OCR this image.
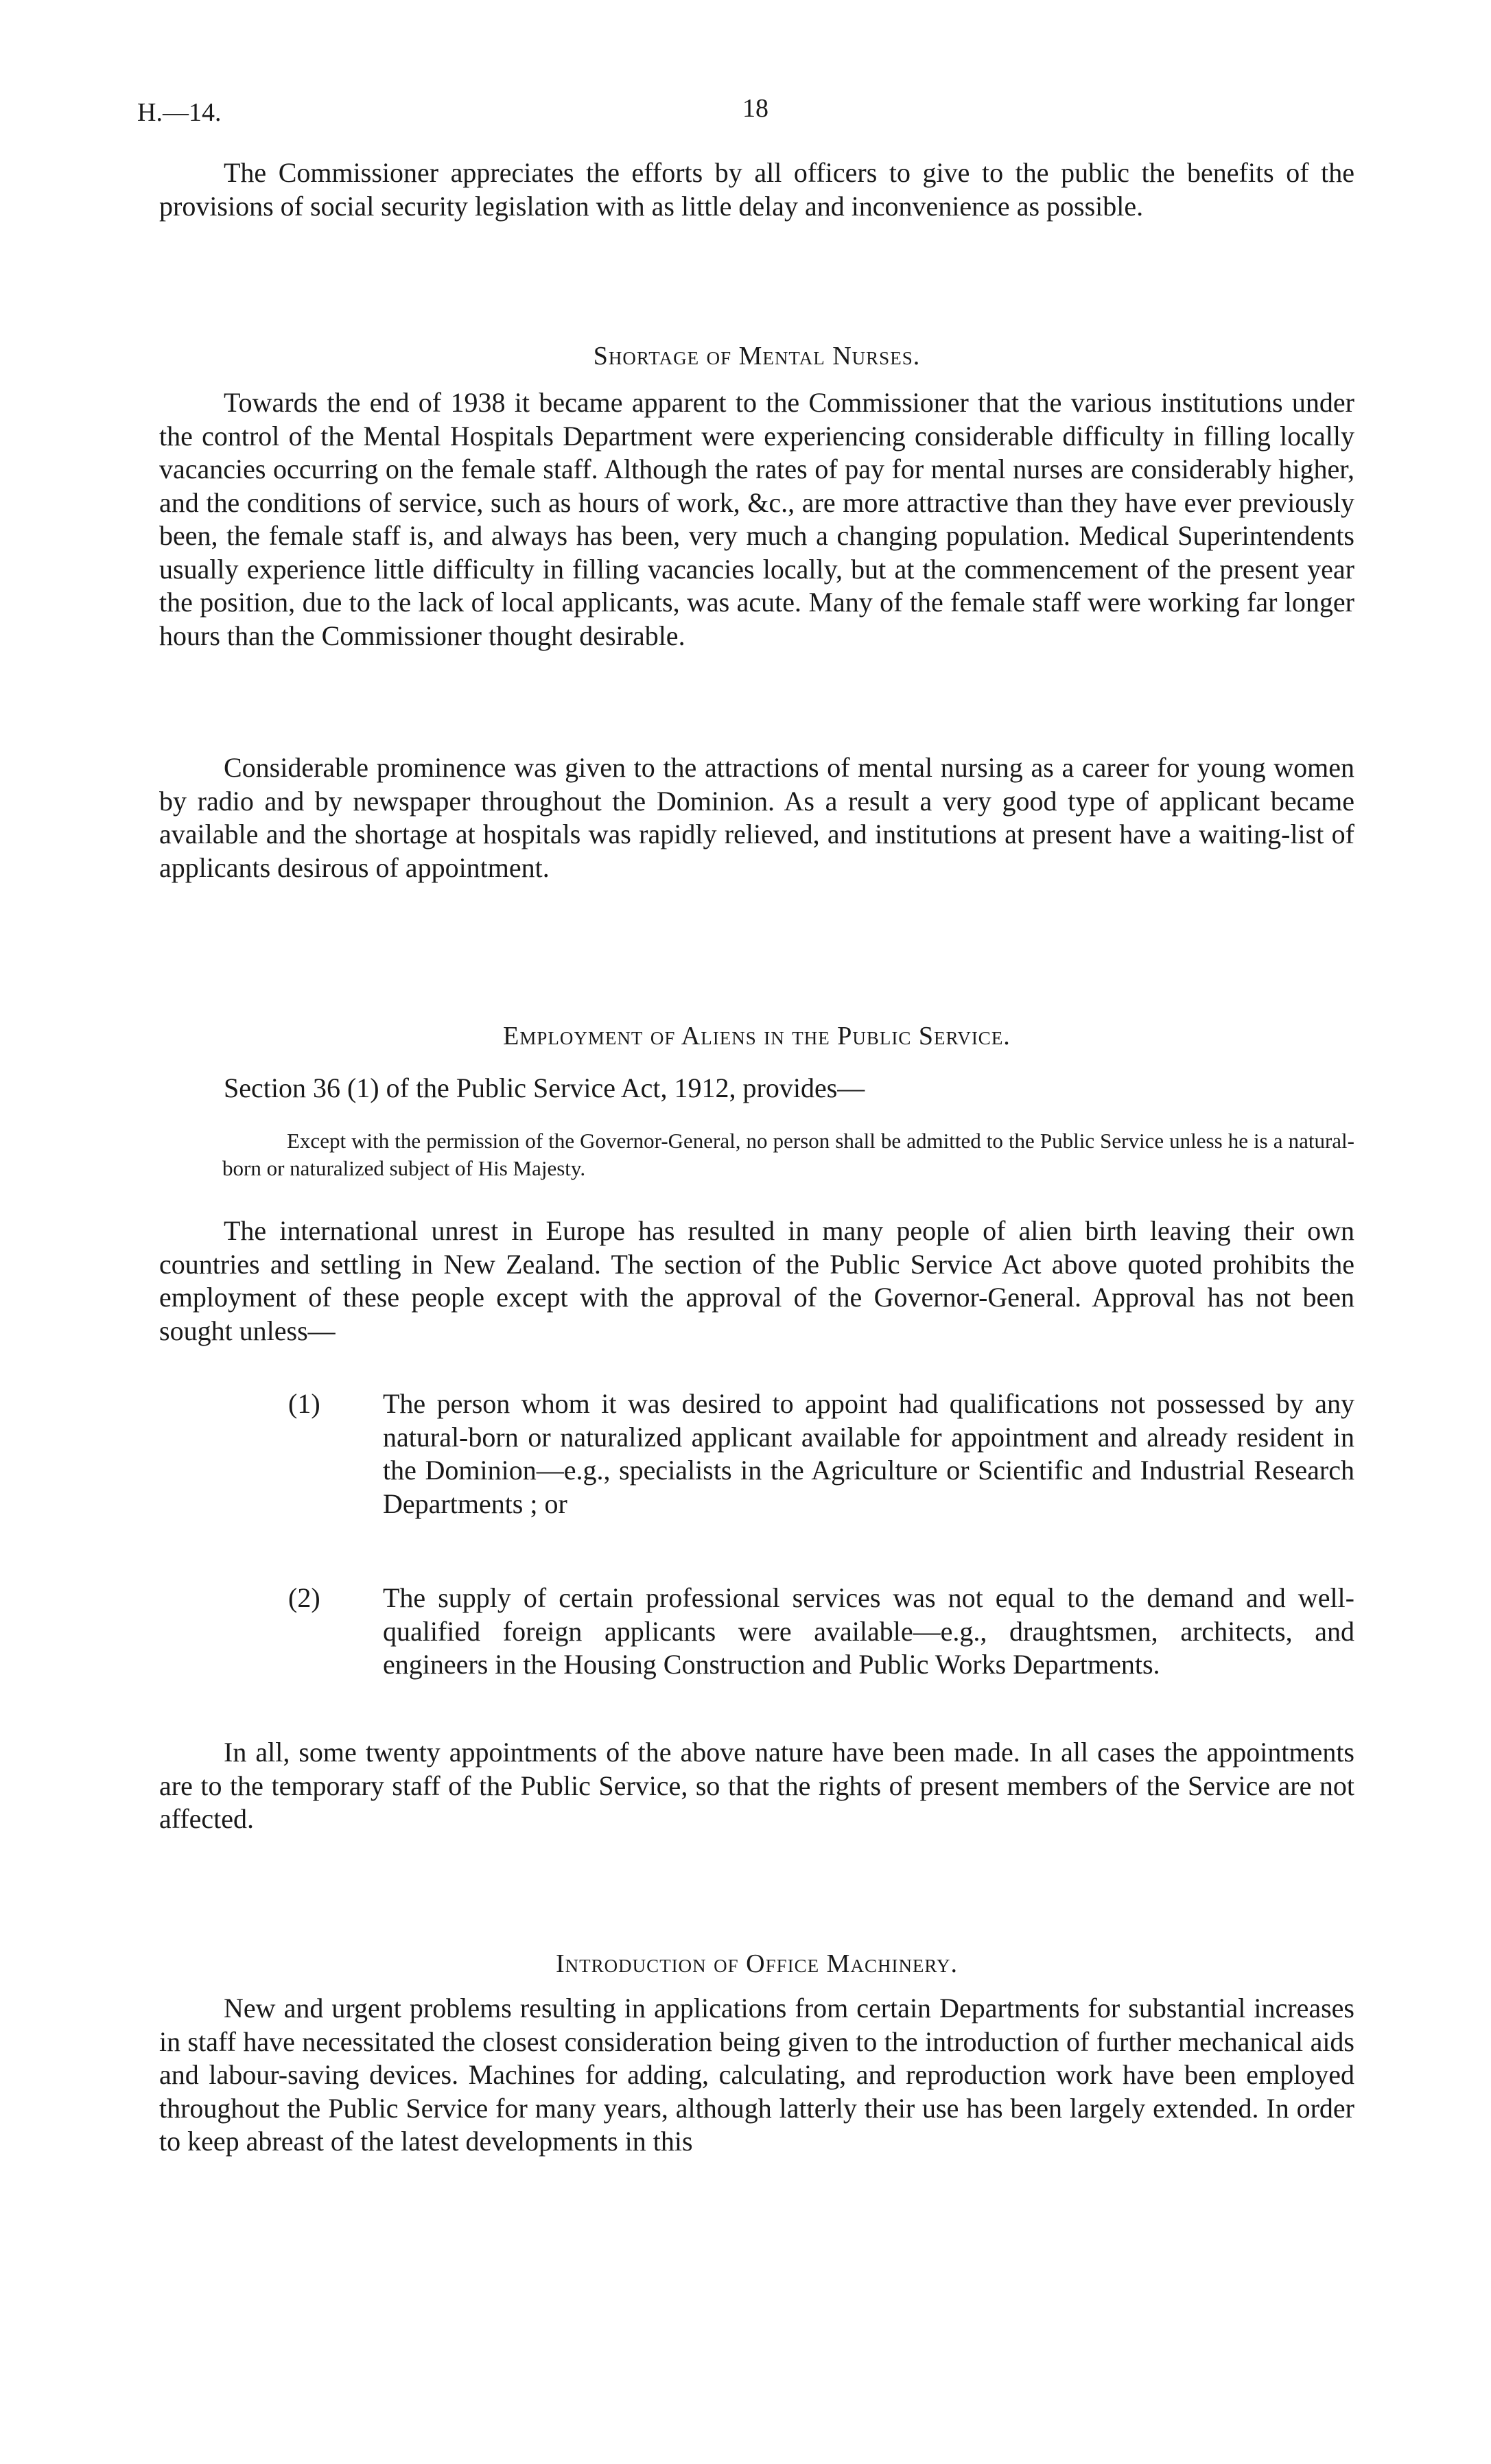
H.—14.	18

The Commissioner appreciates the efforts by all officers to give to the public the benefits of the provisions of social security legislation with as little delay and inconvenience as possible.

Shortage of Mental Nurses.

Towards the end of 1938 it became apparent to the Commissioner that the various institutions under the control of the Mental Hospitals Department were experiencing considerable difficulty in filling locally vacancies occurring on the female staff. Although the rates of pay for mental nurses are considerably higher, and the conditions of service, such as hours of work, &c., are more attractive than they have ever previously been, the female staff is, and always has been, very much a changing population. Medical Superintendents usually experience little difficulty in filling vacancies locally, but at the commencement of the present year the position, due to the lack of local applicants, was acute. Many of the female staff were working far longer hours than the Commissioner thought desirable.

Considerable prominence was given to the attractions of mental nursing as a career for young women by radio and by newspaper throughout the Dominion. As a result a very good type of applicant became available and the shortage at hospitals was rapidly relieved, and institutions at present have a waiting-list of applicants desirous of appointment.

Employment of Aliens in the Public Service.

Section 36 (1) of the Public Service Act, 1912, provides—

Except with the permission of the Governor-General, no person shall be admitted to the Public Service unless he is a natural-born or naturalized subject of His Majesty.

The international unrest in Europe has resulted in many people of alien birth leaving their own countries and settling in New Zealand. The section of the Public Service Act above quoted prohibits the employment of these people except with the approval of the Governor-General. Approval has not been sought unless—

(1) The person whom it was desired to appoint had qualifications not possessed by any natural-born or naturalized applicant available for appointment and already resident in the Dominion—e.g., specialists in the Agriculture or Scientific and Industrial Research Departments ; or
(2) The supply of certain professional services was not equal to the demand and well-qualified foreign applicants were available—e.g., draughtsmen, architects, and engineers in the Housing Construction and Public Works Departments.

In all, some twenty appointments of the above nature have been made. In all cases the appointments are to the temporary staff of the Public Service, so that the rights of present members of the Service are not affected.

Introduction of Office Machinery.

New and urgent problems resulting in applications from certain Departments for substantial increases in staff have necessitated the closest consideration being given to the introduction of further mechanical aids and labour-saving devices. Machines for adding, calculating, and reproduction work have been employed throughout the Public Service for many years, although latterly their use has been largely extended. In order to keep abreast of the latest developments in this
